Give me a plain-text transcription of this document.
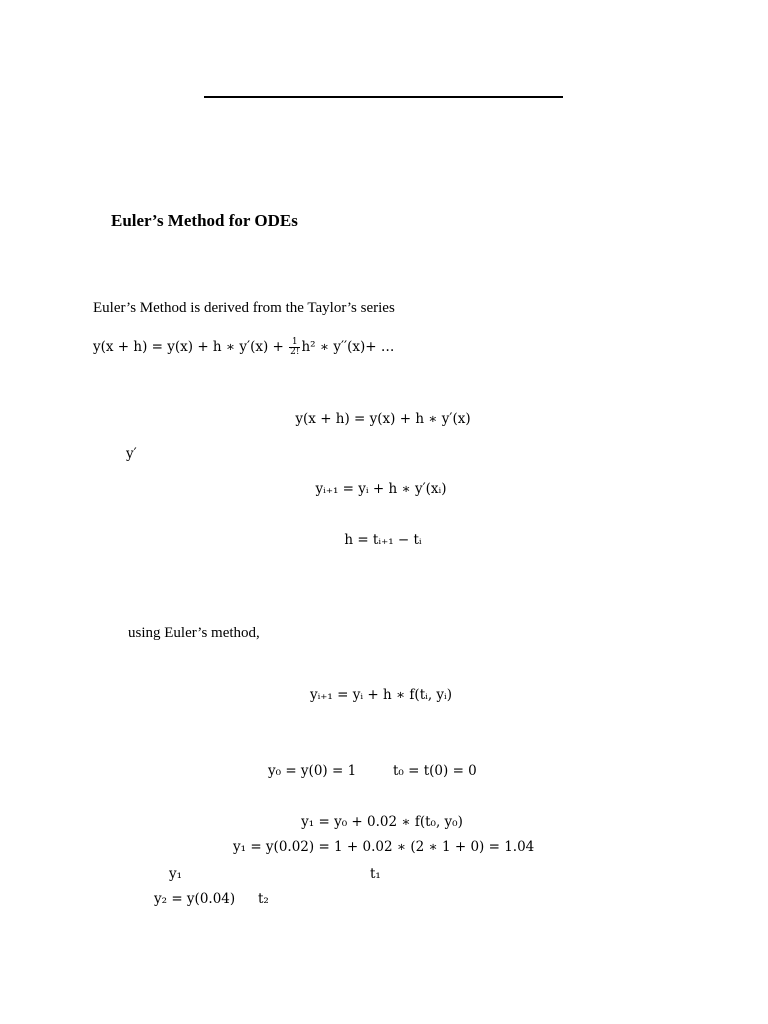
Euler’s Method for ODEs
Euler’s Method is derived from the Taylor’s series
y(x + h) = y(x) + h ∗ $y'(x) + \frac{1}{2!} h^2$ ∗ y′′(x)+ …
y(x + h) = y(x) + h ∗ y′(x)
y′
yᵢ₊₁ = yᵢ + h ∗ y′(xᵢ)
h = tᵢ₊₁ − tᵢ
using Euler’s method,
yᵢ₊₁ = yᵢ + h ∗ f(tᵢ, yᵢ)
y₀ = y(0) = 1	t₀ = t(0) = 0
y₁ = y₀ + 0.02 ∗ f(t₀, y₀)
y₁ = y(0.02) = 1 + 0.02 ∗ (2 ∗ 1 + 0) = 1.04
y₁	t₁
y₂ = y(0.04) t₂
